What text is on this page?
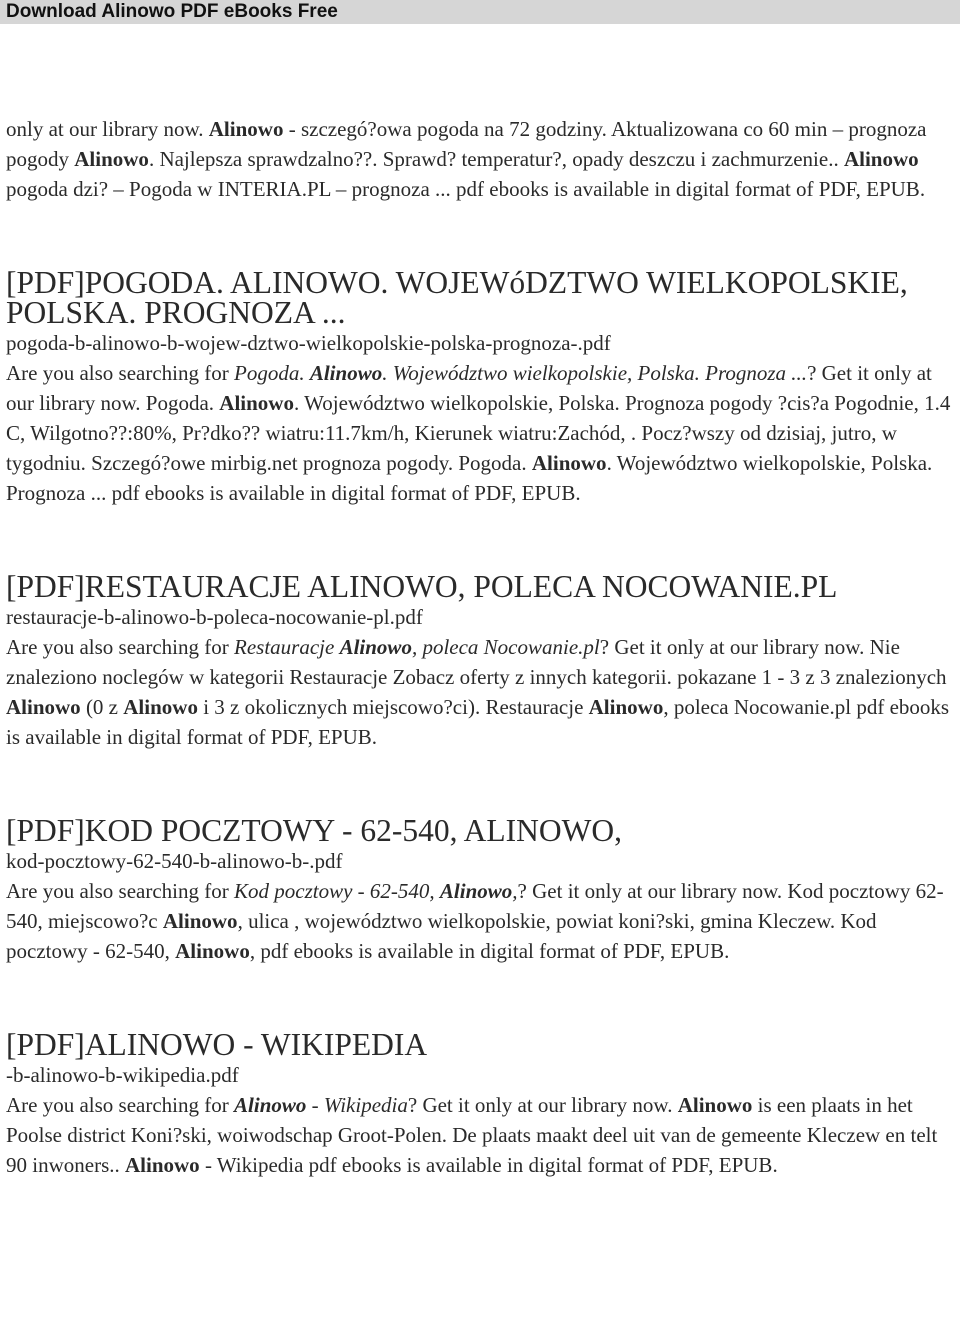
Download Alinowo PDF eBooks Free

only at our library now. Alinowo - szczegó?owa pogoda na 72 godziny. Aktualizowana co 60 min – prognoza pogody Alinowo. Najlepsza sprawdzalno??. Sprawd? temperatur?, opady deszczu i zachmurzenie.. Alinowo pogoda dzi? – Pogoda w INTERIA.PL – prognoza ... pdf ebooks is available in digital format of PDF, EPUB.

[PDF]POGODA. ALINOWO. WOJEWóDZTWO WIELKOPOLSKIE, POLSKA. PROGNOZA ...

pogoda-b-alinowo-b-wojew-dztwo-wielkopolskie-polska-prognoza-.pdf

Are you also searching for Pogoda. Alinowo. Województwo wielkopolskie, Polska. Prognoza ...? Get it only at our library now. Pogoda. Alinowo. Województwo wielkopolskie, Polska. Prognoza pogody ?cis?a Pogodnie, 1.4 C, Wilgotno??:80%, Pr?dko?? wiatru:11.7km/h, Kierunek wiatru:Zachód, . Pocz?wszy od dzisiaj, jutro, w tygodniu. Szczegó?owe mirbig.net prognoza pogody. Pogoda. Alinowo. Województwo wielkopolskie, Polska. Prognoza ... pdf ebooks is available in digital format of PDF, EPUB.

[PDF]RESTAURACJE ALINOWO, POLECA NOCOWANIE.PL

restauracje-b-alinowo-b-poleca-nocowanie-pl.pdf

Are you also searching for Restauracje Alinowo, poleca Nocowanie.pl? Get it only at our library now. Nie znaleziono noclegów w kategorii Restauracje Zobacz oferty z innych kategorii. pokazane 1 - 3 z 3 znalezionych Alinowo (0 z Alinowo i 3 z okolicznych miejscowo?ci). Restauracje Alinowo, poleca Nocowanie.pl pdf ebooks is available in digital format of PDF, EPUB.

[PDF]KOD POCZTOWY - 62-540, ALINOWO,

kod-pocztowy-62-540-b-alinowo-b-.pdf

Are you also searching for Kod pocztowy - 62-540, Alinowo,? Get it only at our library now. Kod pocztowy 62-540, miejscowo?c Alinowo, ulica , województwo wielkopolskie, powiat koni?ski, gmina Kleczew. Kod pocztowy - 62-540, Alinowo, pdf ebooks is available in digital format of PDF, EPUB.

[PDF]ALINOWO - WIKIPEDIA

-b-alinowo-b-wikipedia.pdf

Are you also searching for Alinowo - Wikipedia? Get it only at our library now. Alinowo is een plaats in het Poolse district Koni?ski, woiwodschap Groot-Polen. De plaats maakt deel uit van de gemeente Kleczew en telt 90 inwoners.. Alinowo - Wikipedia pdf ebooks is available in digital format of PDF, EPUB.
